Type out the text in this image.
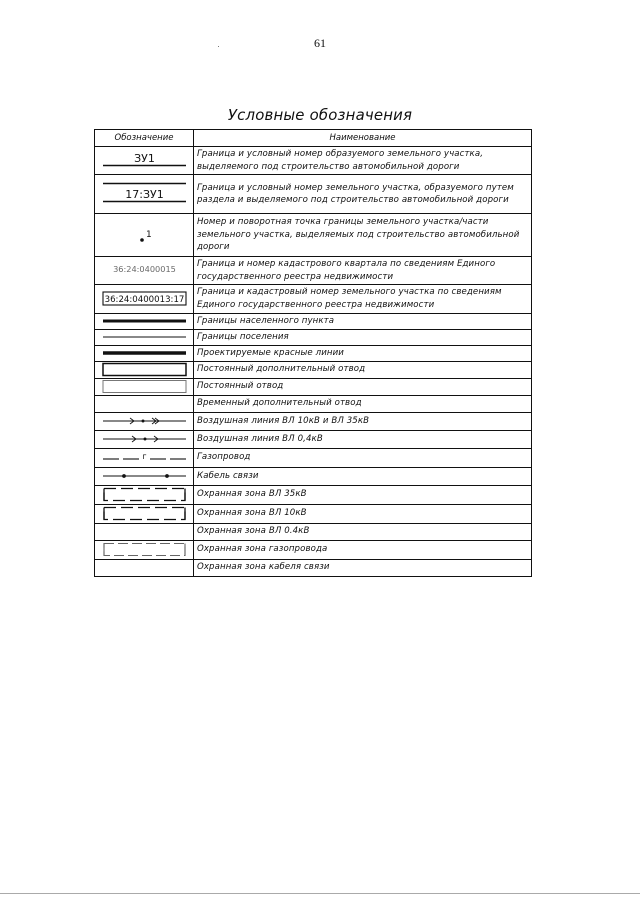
61
Условные обозначения
Обозначение	Наименование

ЗУ1	Граница и условный номер образуемого земельного участка, выделяемого под строительство автомобильной дороги

17:ЗУ1	Граница и условный номер земельного участка, образуемого путем раздела и выделяемого под строительство автомобильной дороги

1	Номер и поворотная точка границы земельного участка/части земельного участка, выделяемых под строительство автомобильной дороги

36:24:0400015	Граница и номер кадастрового квартала по сведениям Единого государственного реестра недвижимости

36:24:0400013:17	Граница и кадастровый номер земельного участка по сведениям Единого государственного реестра недвижимости

	Границы населенного пункта

	Границы поселения

	Проектируемые красные линии

	Постоянный дополнительный отвод

	Постоянный отвод
	Временный дополнительный отвод

	Воздушная линия ВЛ 10кВ и ВЛ 35кВ

	Воздушная линия ВЛ 0,4кВ

г	Газопровод

	Кабель связи

	Охранная зона ВЛ 35кВ

	Охранная зона ВЛ 10кВ
	Охранная зона ВЛ 0.4кВ

	Охранная зона газопровода
	Охранная зона кабеля связи
